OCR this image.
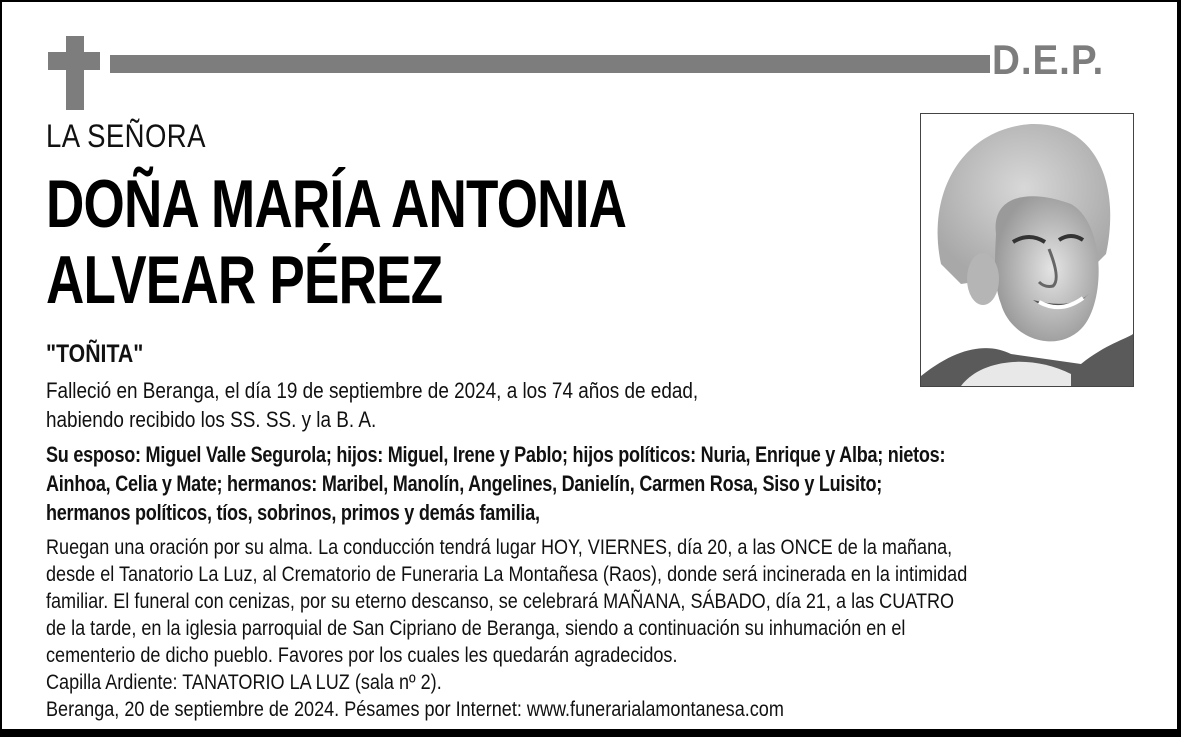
D.E.P.
LA SEÑORA
DOÑA MARÍA ANTONIA
ALVEAR PÉREZ
"TOÑITA"
Falleció en Beranga, el día 19 de septiembre de 2024, a los 74 años de edad,
habiendo recibido los SS. SS. y la B. A.
Su esposo: Miguel Valle Segurola; hijos: Miguel, Irene y Pablo; hijos políticos: Nuria, Enrique y Alba; nietos:
Ainhoa, Celia y Mate; hermanos: Maribel, Manolín, Angelines, Danielín, Carmen Rosa, Siso y Luisito;
hermanos políticos, tíos, sobrinos, primos y demás familia,
Ruegan una oración por su alma. La conducción tendrá lugar HOY, VIERNES, día 20, a las ONCE de la mañana,
desde el Tanatorio La Luz, al Crematorio de Funeraria La Montañesa (Raos), donde será incinerada en la intimidad
familiar. El funeral con cenizas, por su eterno descanso, se celebrará MAÑANA, SÁBADO, día 21, a las CUATRO
de la tarde, en la iglesia parroquial de San Cipriano de Beranga, siendo a continuación su inhumación en el
cementerio de dicho pueblo. Favores por los cuales les quedarán agradecidos.
Capilla Ardiente: TANATORIO LA LUZ (sala nº 2).
Beranga, 20 de septiembre de 2024. Pésames por Internet: www.funerarialamontanesa.com
